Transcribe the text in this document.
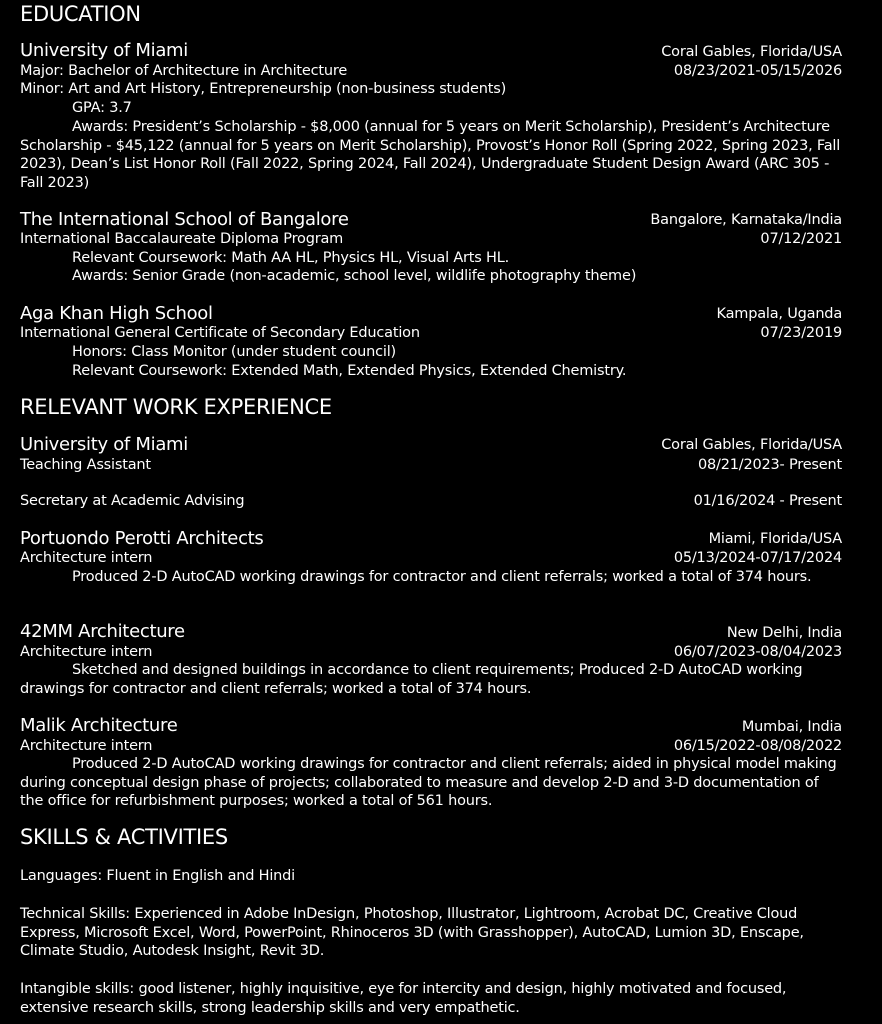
EDUCATION
University of Miami	Coral Gables, Florida/USA
Major: Bachelor of Architecture in Architecture	08/23/2021-05/15/2026
Minor: Art and Art History, Entrepreneurship (non-business students)
GPA: 3.7
Awards: President’s Scholarship - $8,000 (annual for 5 years on Merit Scholarship), President’s Architecture Scholarship - $45,122 (annual for 5 years on Merit Scholarship), Provost’s Honor Roll (Spring 2022, Spring 2023, Fall 2023), Dean’s List Honor Roll (Fall 2022, Spring 2024, Fall 2024), Undergraduate Student Design Award (ARC 305 - Fall 2023)
The International School of Bangalore	Bangalore, Karnataka/India
International Baccalaureate Diploma Program	07/12/2021
Relevant Coursework: Math AA HL, Physics HL, Visual Arts HL.
Awards: Senior Grade (non-academic, school level, wildlife photography theme)
Aga Khan High School	Kampala, Uganda
International General Certificate of Secondary Education	07/23/2019
Honors: Class Monitor (under student council)
Relevant Coursework: Extended Math, Extended Physics, Extended Chemistry.
RELEVANT WORK EXPERIENCE
University of Miami	Coral Gables, Florida/USA
Teaching Assistant	08/21/2023- Present
Secretary at Academic Advising	01/16/2024 - Present
Portuondo Perotti Architects	Miami, Florida/USA
Architecture intern	05/13/2024-07/17/2024
Produced 2-D AutoCAD working drawings for contractor and client referrals; worked a total of 374 hours.
42MM Architecture	New Delhi, India
Architecture intern	06/07/2023-08/04/2023
Sketched and designed buildings in accordance to client requirements; Produced 2-D AutoCAD working drawings for contractor and client referrals; worked a total of 374 hours.
Malik Architecture	Mumbai, India
Architecture intern	06/15/2022-08/08/2022
Produced 2-D AutoCAD working drawings for contractor and client referrals; aided in physical model making during conceptual design phase of projects; collaborated to measure and develop 2-D and 3-D documentation of the office for refurbishment purposes; worked a total of 561 hours.
SKILLS & ACTIVITIES
Languages: Fluent in English and Hindi
Technical Skills: Experienced in Adobe InDesign, Photoshop, Illustrator, Lightroom, Acrobat DC, Creative Cloud Express, Microsoft Excel, Word, PowerPoint, Rhinoceros 3D (with Grasshopper), AutoCAD, Lumion 3D, Enscape, Climate Studio, Autodesk Insight, Revit 3D.
Intangible skills: good listener, highly inquisitive, eye for intercity and design, highly motivated and focused, extensive research skills, strong leadership skills and very empathetic.
